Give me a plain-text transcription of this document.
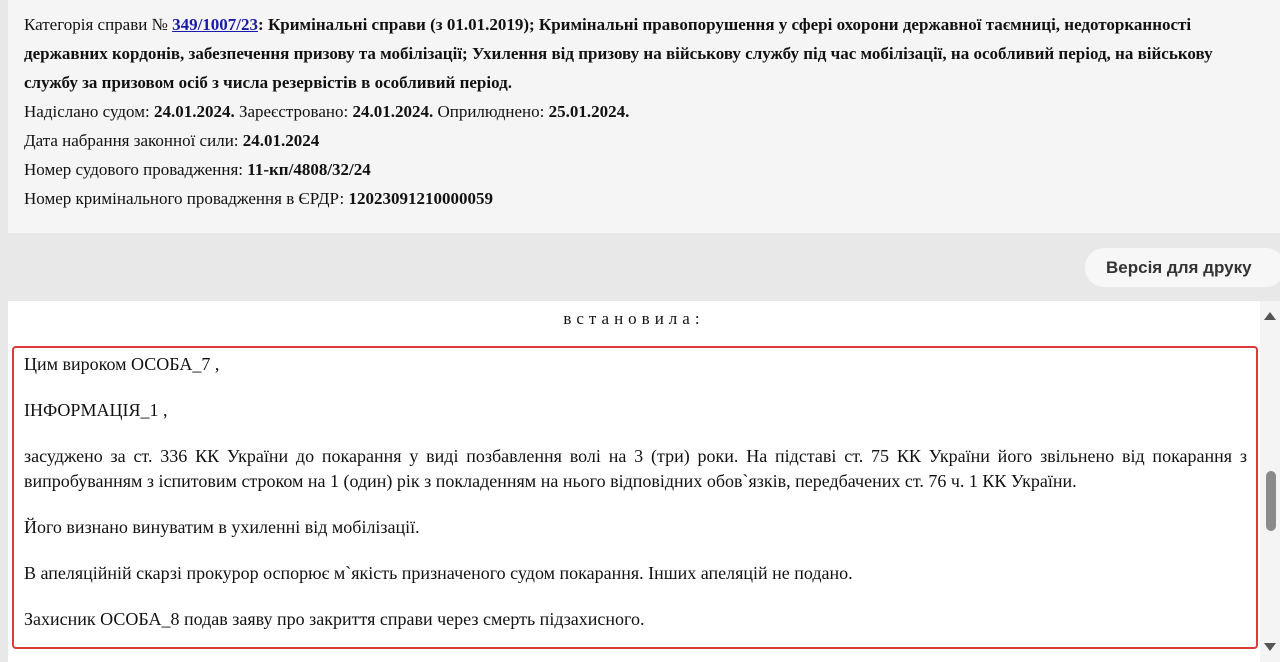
Категорія справи № 349/1007/23: Кримінальні справи (з 01.01.2019); Кримінальні правопорушення у сфері охорони державної таємниці, недоторканності державних кордонів, забезпечення призову та мобілізації; Ухилення від призову на військову службу під час мобілізації, на особливий період, на військову службу за призовом осіб з числа резервістів в особливий період.
Надіслано судом: 24.01.2024. Зареєстровано: 24.01.2024. Оприлюднено: 25.01.2024.
Дата набрання законної сили: 24.01.2024
Номер судового провадження: 11-кп/4808/32/24
Номер кримінального провадження в ЄРДР: 12023091210000059
Версія для друку
встановила:

Цим вироком ОСОБА_7 ,

ІНФОРМАЦІЯ_1 ,

засуджено за ст. 336 КК України до покарання у виді позбавлення волі на 3 (три) роки. На підставі ст. 75 КК України його звільнено від покарання з випробуванням з іспитовим строком на 1 (один) рік з покладенням на нього відповідних обов`язків, передбачених ст. 76 ч. 1 КК України.

Його визнано винуватим в ухиленні від мобілізації.

В апеляційній скарзі прокурор оспорює м`якість призначеного судом покарання. Інших апеляцій не подано.

Захисник ОСОБА_8 подав заяву про закриття справи через смерть підзахисного.
